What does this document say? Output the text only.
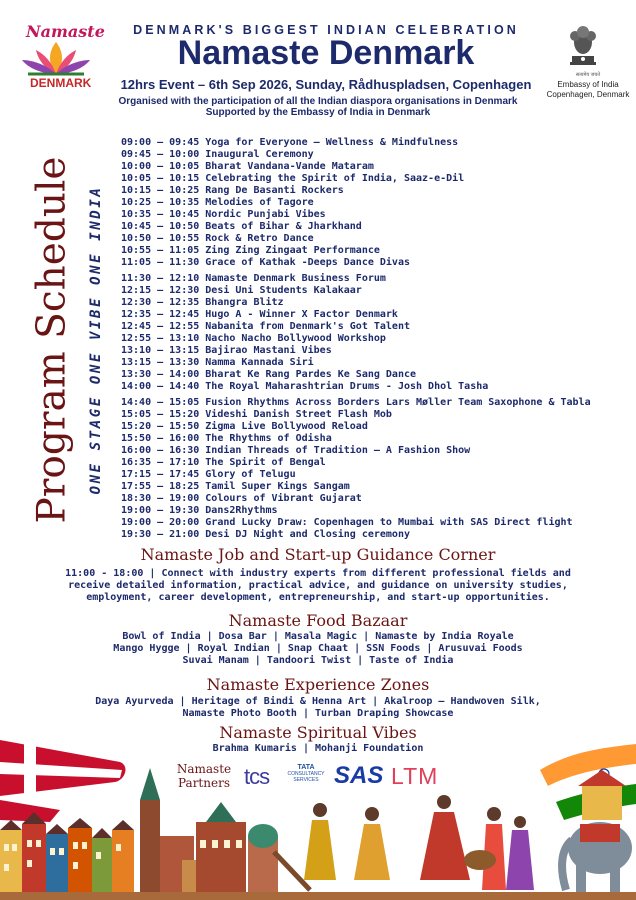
Namaste
DENMARK
DENMARK'S BIGGEST INDIAN CELEBRATION
Namaste Denmark
12hrs Event – 6th Sep 2026, Sunday, Rådhuspladsen, Copenhagen
Organised with the participation of all the Indian diaspora organisations in Denmark
Supported by the Embassy of India in Denmark
सत्यमेव जयते
Embassy of India
Copenhagen, Denmark
Program Schedule ONE STAGE ONE VIBE ONE INDIA
09:00 – 09:45 Yoga for Everyone – Wellness & Mindfulness
09:45 – 10:00 Inaugural Ceremony
10:00 – 10:05 Bharat Vandana-Vande Mataram
10:05 – 10:15 Celebrating the Spirit of India, Saaz-e-Dil
10:15 – 10:25 Rang De Basanti Rockers
10:25 – 10:35 Melodies of Tagore
10:35 – 10:45 Nordic Punjabi Vibes
10:45 – 10:50 Beats of Bihar & Jharkhand
10:50 – 10:55 Rock & Retro Dance
10:55 – 11:05 Zing Zing Zingaat Performance
11:05 – 11:30 Grace of Kathak -Deeps Dance Divas
11:30 – 12:10 Namaste Denmark Business Forum
12:15 – 12:30 Desi Uni Students Kalakaar
12:30 – 12:35 Bhangra Blitz
12:35 – 12:45 Hugo A - Winner X Factor Denmark
12:45 – 12:55 Nabanita from Denmark's Got Talent
12:55 – 13:10 Nacho Nacho Bollywood Workshop
13:10 – 13:15 Bajirao Mastani Vibes
13:15 – 13:30 Namma Kannada Siri
13:30 – 14:00 Bharat Ke Rang Pardes Ke Sang Dance
14:00 – 14:40 The Royal Maharashtrian Drums - Josh Dhol Tasha
14:40 – 15:05 Fusion Rhythms Across Borders Lars Møller Team Saxophone & Tabla
15:05 – 15:20 Videshi Danish Street Flash Mob
15:20 – 15:50 Zigma Live Bollywood Reload
15:50 – 16:00 The Rhythms of Odisha
16:00 – 16:30 Indian Threads of Tradition – A Fashion Show
16:35 – 17:10 The Spirit of Bengal
17:15 – 17:45 Glory of Telugu
17:55 – 18:25 Tamil Super Kings Sangam
18:30 – 19:00 Colours of Vibrant Gujarat
19:00 – 19:30 Dans2Rhythms
19:00 – 20:00 Grand Lucky Draw: Copenhagen to Mumbai with SAS Direct flight
19:30 – 21:00 Desi DJ Night and Closing ceremony
Namaste Job and Start-up Guidance Corner
11:00 - 18:00 | Connect with industry experts from different professional fields and
receive detailed information, practical advice, and guidance on university studies,
employment, career development, entrepreneurship, and start-up opportunities.
Namaste Food Bazaar
Bowl of India | Dosa Bar | Masala Magic | Namaste by India Royale
Mango Hygge | Royal Indian | Snap Chaat | SSN Foods | Arusuvai Foods
Suvai Manam | Tandoori Twist | Taste of India
Namaste Experience Zones
Daya Ayurveda | Heritage of Bindi & Henna Art | Akalroop – Handwoven Silk,
Namaste Photo Booth | Turban Draping Showcase
Namaste Spiritual Vibes
Brahma Kumaris | Mohanji Foundation
Namaste
Partners tcs	TATA
CONSULTANCY
SERVICES SAS LTM
